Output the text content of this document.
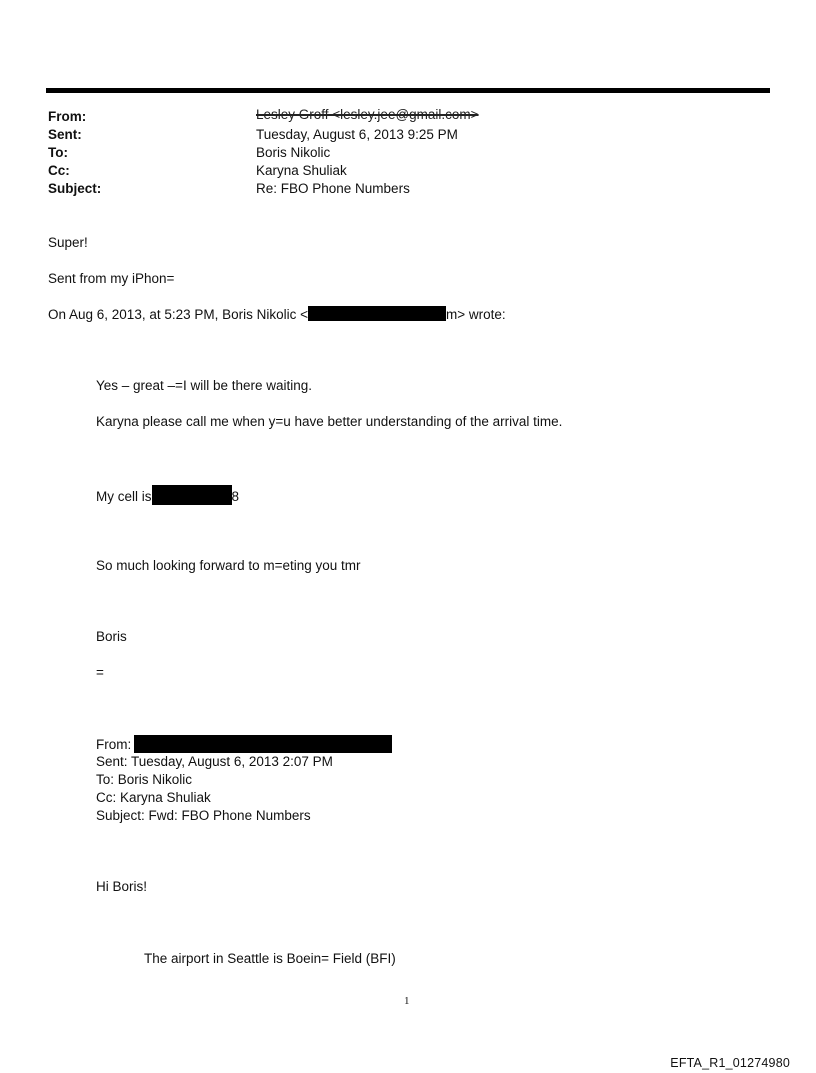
From:	Lesley Groff <lesley.jee@gmail.com>
Sent:	Tuesday, August 6, 2013 9:25 PM
To:	Boris Nikolic
Cc:	Karyna Shuliak
Subject:	Re: FBO Phone Numbers
Super!
Sent from my iPhon=
On Aug 6, 2013, at 5:23 PM, Boris Nikolic <	m> wrote:
Yes – great –=I will be there waiting.
Karyna please call me when y=u have better understanding of the arrival time.
My cell is	8
So much looking forward to m=eting you tmr
Boris
=
From:
Sent: Tuesday, August 6, 2013 2:07 PM
To: Boris Nikolic
Cc: Karyna Shuliak
Subject: Fwd: FBO Phone Numbers
Hi Boris!
The airport in Seattle is Boein= Field (BFI)
1
EFTA_R1_01274980
